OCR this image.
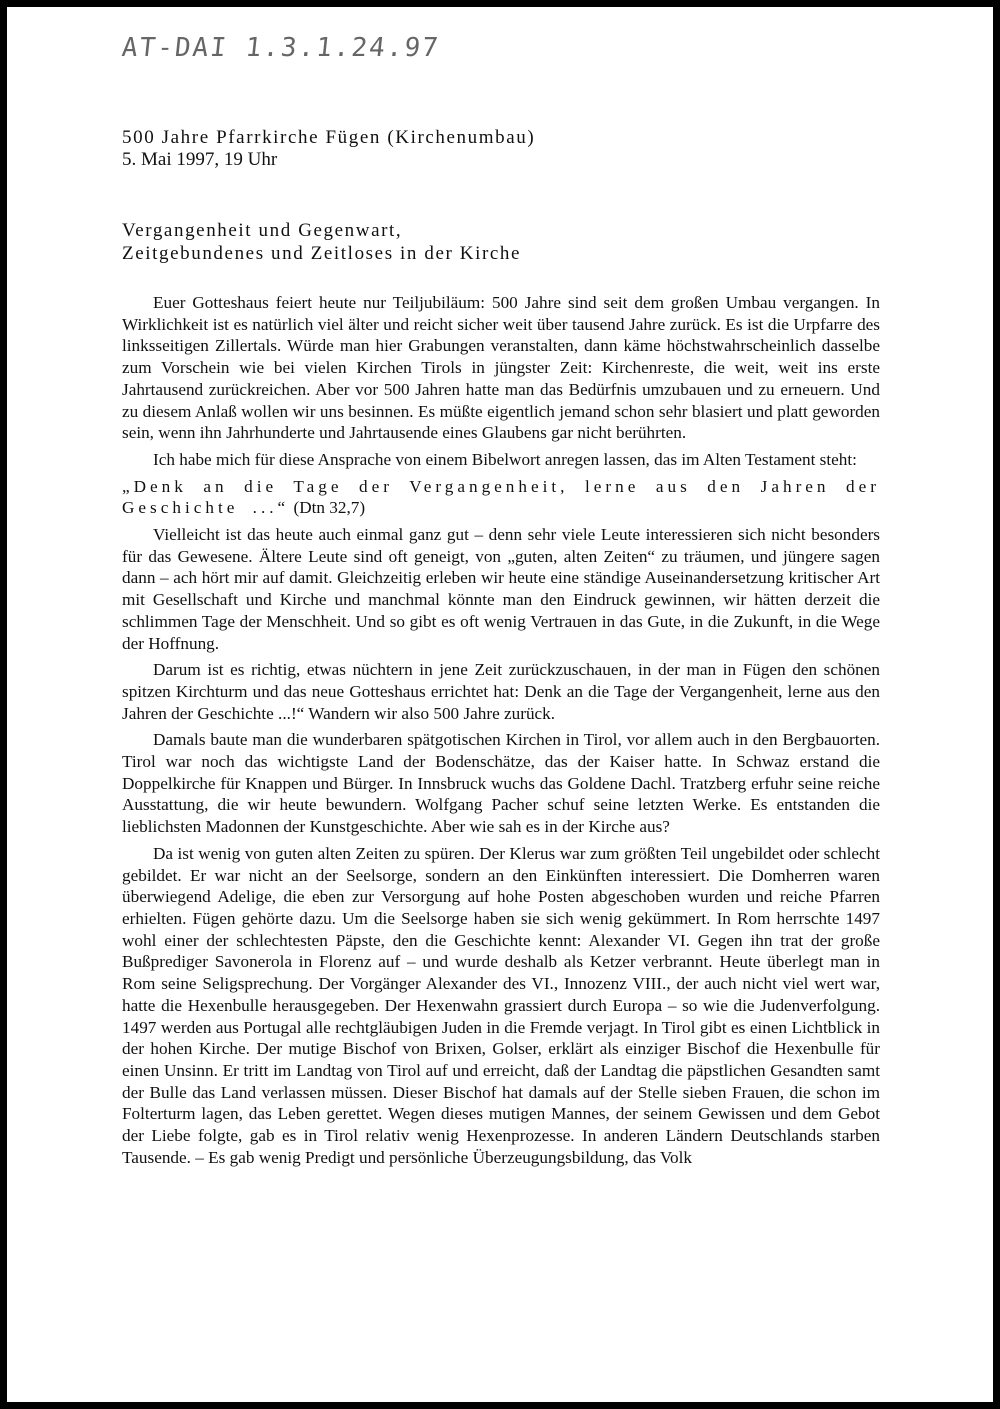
AT-DAI 1.3.1.24.97
500 Jahre Pfarrkirche Fügen (Kirchenumbau)
5. Mai 1997, 19 Uhr
Vergangenheit und Gegenwart,
Zeitgebundenes und Zeitloses in der Kirche

Euer Gotteshaus feiert heute nur Teiljubiläum: 500 Jahre sind seit dem großen Umbau vergangen. In Wirklichkeit ist es natürlich viel älter und reicht sicher weit über tausend Jahre zurück. Es ist die Urpfarre des linksseitigen Zillertals. Würde man hier Grabungen veranstalten, dann käme höchstwahrscheinlich dasselbe zum Vorschein wie bei vielen Kirchen Tirols in jüngster Zeit: Kirchenreste, die weit, weit ins erste Jahrtausend zurückreichen. Aber vor 500 Jahren hatte man das Bedürfnis umzubauen und zu erneuern. Und zu diesem Anlaß wollen wir uns besinnen. Es müßte eigentlich jemand schon sehr blasiert und platt geworden sein, wenn ihn Jahrhunderte und Jahrtausende eines Glaubens gar nicht berührten.

Ich habe mich für diese Ansprache von einem Bibelwort anregen lassen, das im Alten Testament steht:

„Denk an die Tage der Vergangenheit, lerne aus den Jahren der Geschichte ...“ (Dtn 32,7)

Vielleicht ist das heute auch einmal ganz gut – denn sehr viele Leute interessieren sich nicht besonders für das Gewesene. Ältere Leute sind oft geneigt, von „guten, alten Zeiten“ zu träumen, und jüngere sagen dann – ach hört mir auf damit. Gleichzeitig erleben wir heute eine ständige Auseinandersetzung kritischer Art mit Gesellschaft und Kirche und manchmal könnte man den Eindruck gewinnen, wir hätten derzeit die schlimmen Tage der Menschheit. Und so gibt es oft wenig Vertrauen in das Gute, in die Zukunft, in die Wege der Hoffnung.

Darum ist es richtig, etwas nüchtern in jene Zeit zurückzuschauen, in der man in Fügen den schönen spitzen Kirchturm und das neue Gotteshaus errichtet hat: Denk an die Tage der Vergangenheit, lerne aus den Jahren der Geschichte ...!“ Wandern wir also 500 Jahre zurück.

Damals baute man die wunderbaren spätgotischen Kirchen in Tirol, vor allem auch in den Bergbauorten. Tirol war noch das wichtigste Land der Bodenschätze, das der Kaiser hatte. In Schwaz erstand die Doppelkirche für Knappen und Bürger. In Innsbruck wuchs das Goldene Dachl. Tratzberg erfuhr seine reiche Ausstattung, die wir heute bewundern. Wolfgang Pacher schuf seine letzten Werke. Es entstanden die lieblichsten Madonnen der Kunstgeschichte. Aber wie sah es in der Kirche aus?

Da ist wenig von guten alten Zeiten zu spüren. Der Klerus war zum größten Teil ungebildet oder schlecht gebildet. Er war nicht an der Seelsorge, sondern an den Einkünften interessiert. Die Domherren waren überwiegend Adelige, die eben zur Versorgung auf hohe Posten abgeschoben wurden und reiche Pfarren erhielten. Fügen gehörte dazu. Um die Seelsorge haben sie sich wenig gekümmert. In Rom herrschte 1497 wohl einer der schlechtesten Päpste, den die Geschichte kennt: Alexander VI. Gegen ihn trat der große Bußprediger Savonerola in Florenz auf – und wurde deshalb als Ketzer verbrannt. Heute überlegt man in Rom seine Seligsprechung. Der Vorgänger Alexander des VI., Innozenz VIII., der auch nicht viel wert war, hatte die Hexenbulle herausgegeben. Der Hexenwahn grassiert durch Europa – so wie die Judenverfolgung. 1497 werden aus Portugal alle rechtgläubigen Juden in die Fremde verjagt. In Tirol gibt es einen Lichtblick in der hohen Kirche. Der mutige Bischof von Brixen, Golser, erklärt als einziger Bischof die Hexenbulle für einen Unsinn. Er tritt im Landtag von Tirol auf und erreicht, daß der Landtag die päpstlichen Gesandten samt der Bulle das Land verlassen müssen. Dieser Bischof hat damals auf der Stelle sieben Frauen, die schon im Folterturm lagen, das Leben gerettet. Wegen dieses mutigen Mannes, der seinem Gewissen und dem Gebot der Liebe folgte, gab es in Tirol relativ wenig Hexenprozesse. In anderen Ländern Deutschlands starben Tausende. – Es gab wenig Predigt und persönliche Überzeugungsbildung, das Volk
